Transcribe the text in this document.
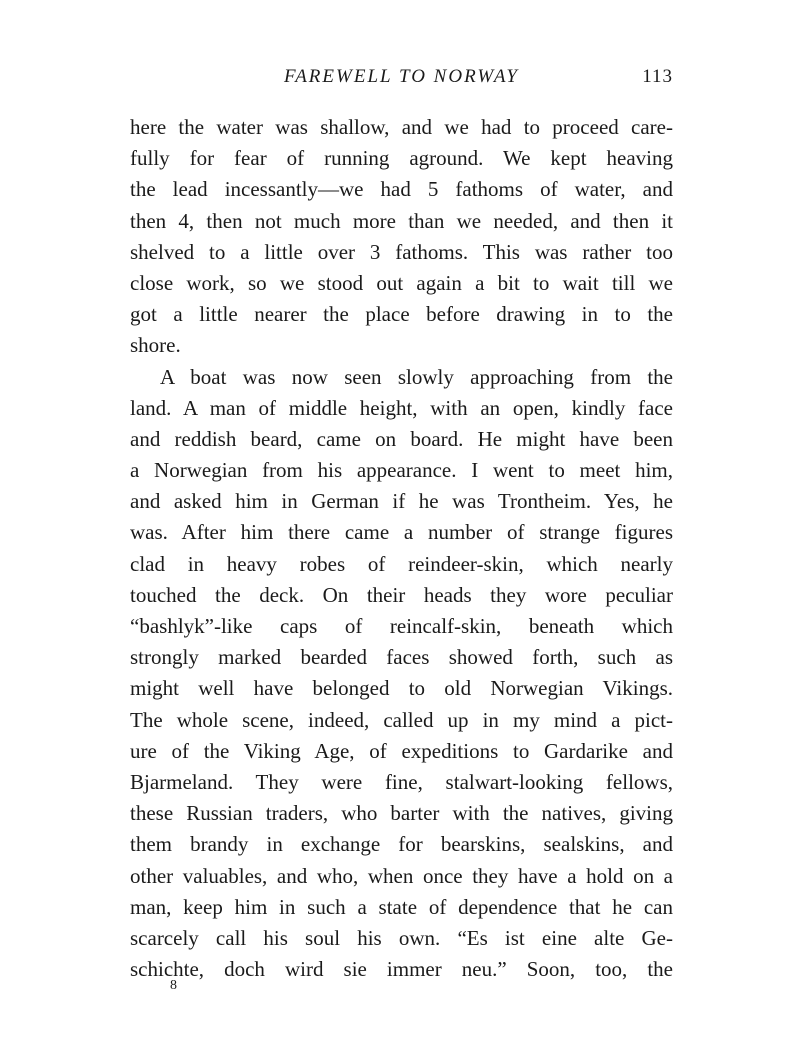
FAREWELL TO NORWAY	113
here the water was shallow, and we had to proceed care-
fully for fear of running aground. We kept heaving
the lead incessantly—we had 5 fathoms of water, and
then 4, then not much more than we needed, and then it
shelved to a little over 3 fathoms. This was rather too
close work, so we stood out again a bit to wait till we
got a little nearer the place before drawing in to the
shore.
A boat was now seen slowly approaching from the
land. A man of middle height, with an open, kindly face
and reddish beard, came on board. He might have been
a Norwegian from his appearance. I went to meet him,
and asked him in German if he was Trontheim. Yes, he
was. After him there came a number of strange figures
clad in heavy robes of reindeer-skin, which nearly
touched the deck. On their heads they wore peculiar
“bashlyk”-like caps of reincalf-skin, beneath which
strongly marked bearded faces showed forth, such as
might well have belonged to old Norwegian Vikings.
The whole scene, indeed, called up in my mind a pict-
ure of the Viking Age, of expeditions to Gardarike and
Bjarmeland. They were fine, stalwart-looking fellows,
these Russian traders, who barter with the natives, giving
them brandy in exchange for bearskins, sealskins, and
other valuables, and who, when once they have a hold on a
man, keep him in such a state of dependence that he can
scarcely call his soul his own. “Es ist eine alte Ge-
schichte, doch wird sie immer neu.” Soon, too, the
8
